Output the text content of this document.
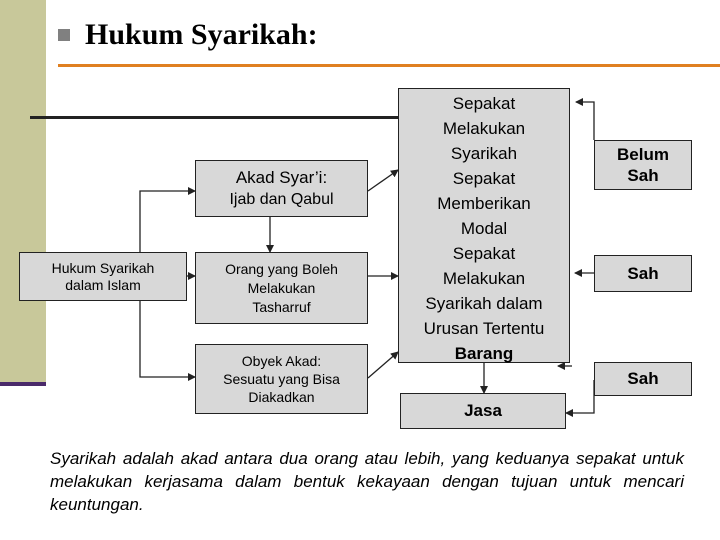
Hukum Syarikah:
Hukum Syarikah
dalam Islam
Akad Syar’i:
Ijab dan Qabul
Orang yang Boleh
Melakukan
Tasharruf
Obyek Akad:
Sesuatu yang Bisa
Diakadkan
Sepakat
Melakukan
Syarikah
Sepakat
Memberikan
Modal
Sepakat
Melakukan
Syarikah dalam
Urusan Tertentu
Barang
Jasa
Belum
Sah
Sah
Sah
Syarikah adalah akad antara dua orang atau lebih, yang keduanya sepakat untuk melakukan kerjasama dalam bentuk kekayaan dengan tujuan untuk mencari keuntungan.
